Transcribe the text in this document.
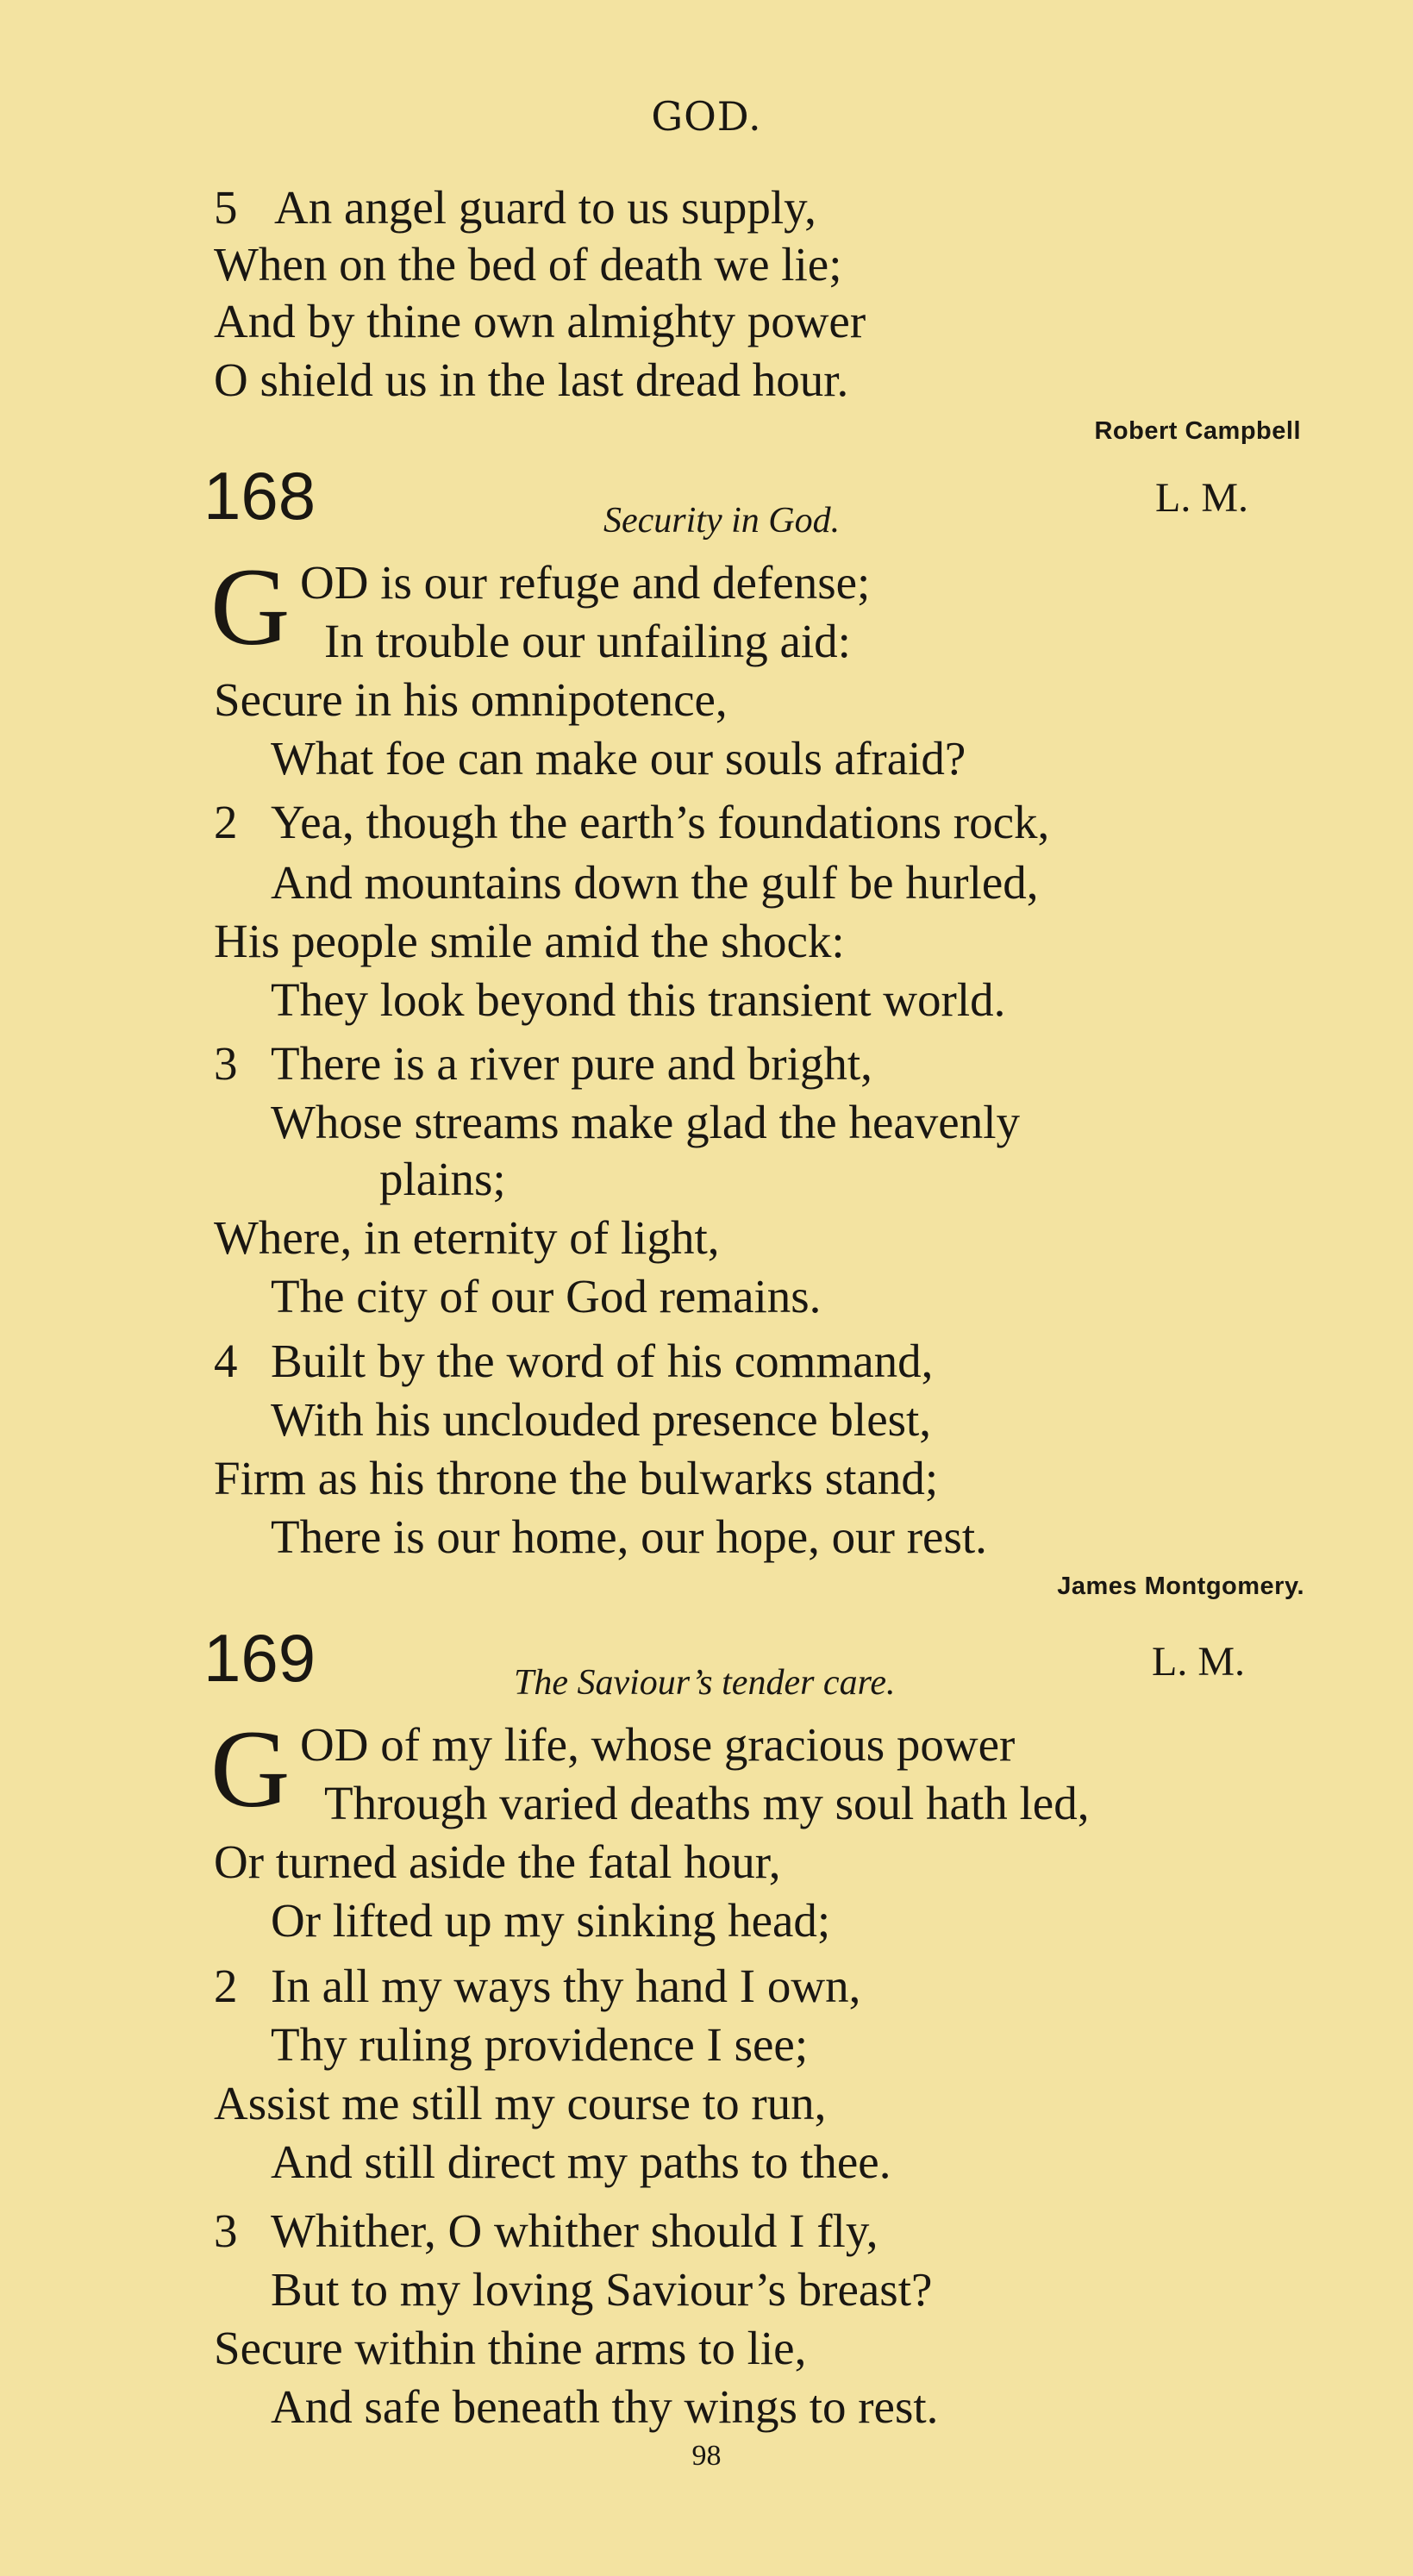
GOD.
5 An angel guard to us supply,
When on the bed of death we lie;
And by thine own almighty power
O shield us in the last dread hour.
Robert Campbell
168	Security in God.	L. M.
G OD is our refuge and defense;
In trouble our unfailing aid:
Secure in his omnipotence,
What foe can make our souls afraid?
2 Yea, though the earth’s foundations rock,
And mountains down the gulf be hurled,
His people smile amid the shock:
They look beyond this transient world.
3 There is a river pure and bright,
Whose streams make glad the heavenly
plains;
Where, in eternity of light,
The city of our God remains.
4 Built by the word of his command,
With his unclouded presence blest,
Firm as his throne the bulwarks stand;
There is our home, our hope, our rest.
James Montgomery.
169	The Saviour’s tender care.	L. M.
G OD of my life, whose gracious power
Through varied deaths my soul hath led,
Or turned aside the fatal hour,
Or lifted up my sinking head;
2 In all my ways thy hand I own,
Thy ruling providence I see;
Assist me still my course to run,
And still direct my paths to thee.
3 Whither, O whither should I fly,
But to my loving Saviour’s breast?
Secure within thine arms to lie,
And safe beneath thy wings to rest.
98
